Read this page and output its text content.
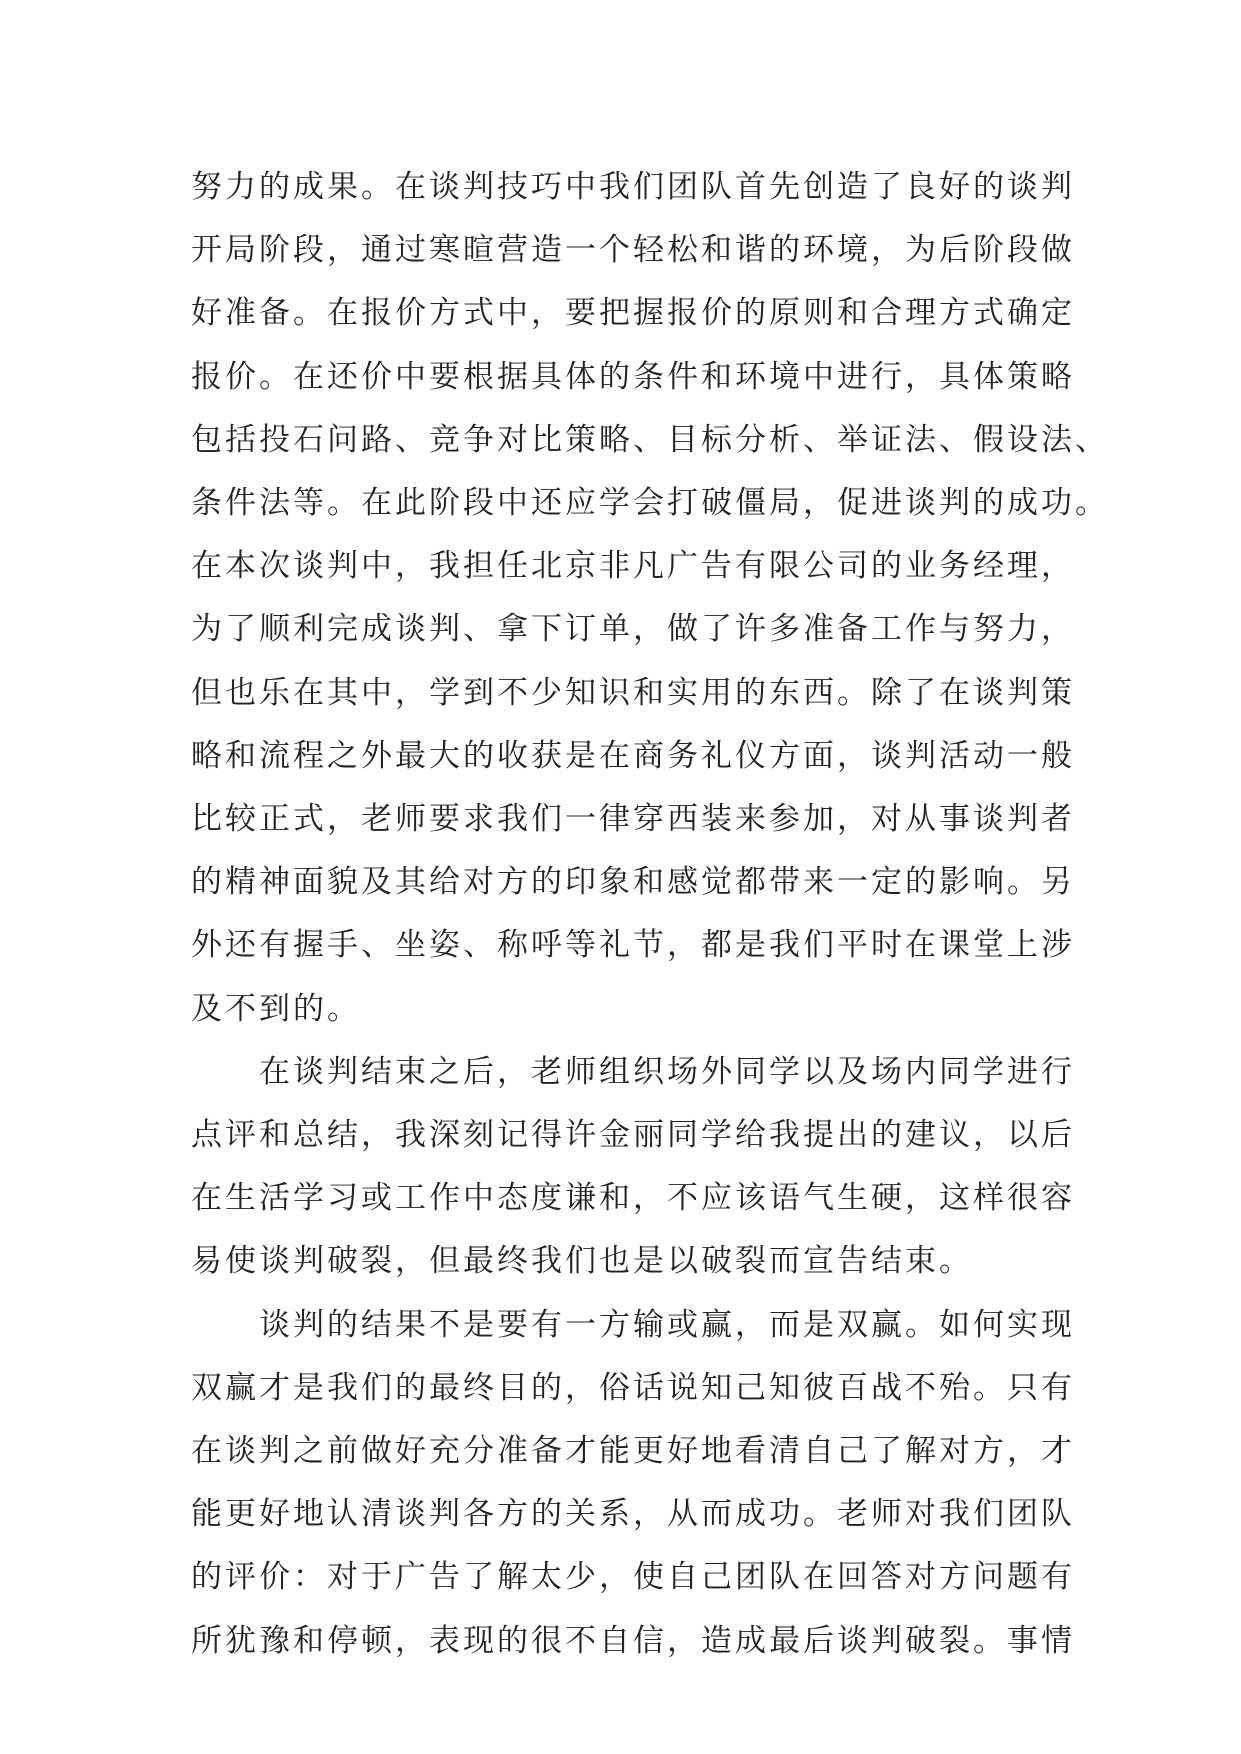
努力的成果。在谈判技巧中我们团队首先创造了良好的谈判
开局阶段，通过寒暄营造一个轻松和谐的环境，为后阶段做
好准备。在报价方式中，要把握报价的原则和合理方式确定
报价。在还价中要根据具体的条件和环境中进行，具体策略
包括投石问路、竞争对比策略、目标分析、举证法、假设法、
条件法等。在此阶段中还应学会打破僵局，促进谈判的成功。
在本次谈判中，我担任北京非凡广告有限公司的业务经理，
为了顺利完成谈判、拿下订单，做了许多准备工作与努力，
但也乐在其中，学到不少知识和实用的东西。除了在谈判策
略和流程之外最大的收获是在商务礼仪方面，谈判活动一般
比较正式，老师要求我们一律穿西装来参加，对从事谈判者
的精神面貌及其给对方的印象和感觉都带来一定的影响。另
外还有握手、坐姿、称呼等礼节，都是我们平时在课堂上涉
及不到的。
在谈判结束之后，老师组织场外同学以及场内同学进行
点评和总结，我深刻记得许金丽同学给我提出的建议，以后
在生活学习或工作中态度谦和，不应该语气生硬，这样很容
易使谈判破裂，但最终我们也是以破裂而宣告结束。
谈判的结果不是要有一方输或赢，而是双赢。如何实现
双赢才是我们的最终目的，俗话说知己知彼百战不殆。只有
在谈判之前做好充分准备才能更好地看清自己了解对方，才
能更好地认清谈判各方的关系，从而成功。老师对我们团队
的评价：对于广告了解太少，使自己团队在回答对方问题有
所犹豫和停顿，表现的很不自信，造成最后谈判破裂。事情
